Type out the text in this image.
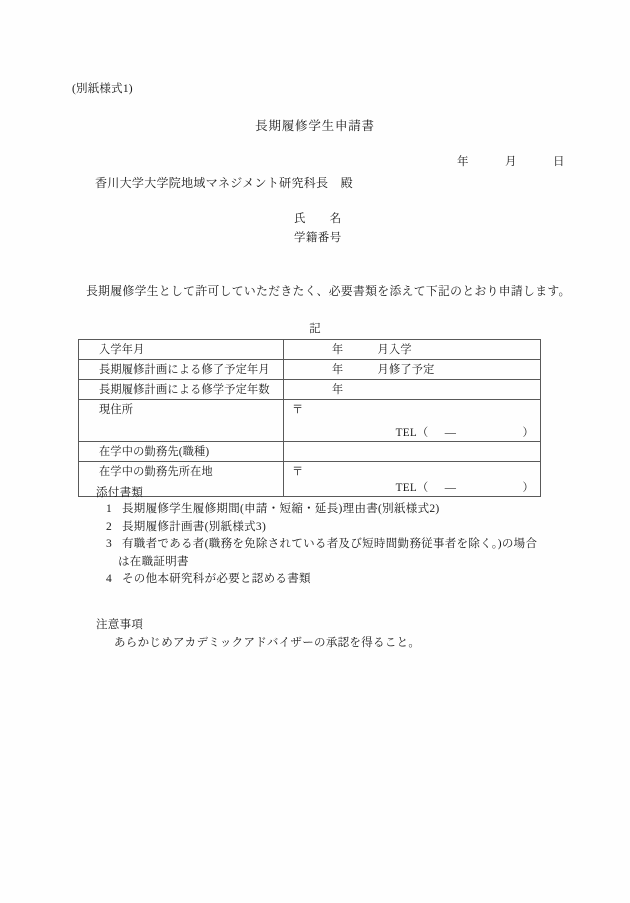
(別紙様式1)
長期履修学生申請書
年　　　月　　　日
香川大学大学院地域マネジメント研究科長　殿
氏　　名
学籍番号
長期履修学生として許可していただきたく、必要書類を添えて下記のとおり申請します。
記
入学年月	年　　　月入学

長期履修計画による修了予定年月	年　　　月修了予定

長期履修計画による修学予定年数	年

現住所	〒
TEL（ — ）

在学中の勤務先(職種)	

在学中の勤務先所在地	〒
TEL（ — ）
添付書類
1 長期履修学生履修期間(申請・短縮・延長)理由書(別紙様式2)
2 長期履修計画書(別紙様式3)
3 有職者である者(職務を免除されている者及び短時間勤務従事者を除く。)の場合
は在職証明書
4 その他本研究科が必要と認める書類
注意事項
あらかじめアカデミックアドバイザーの承認を得ること。
